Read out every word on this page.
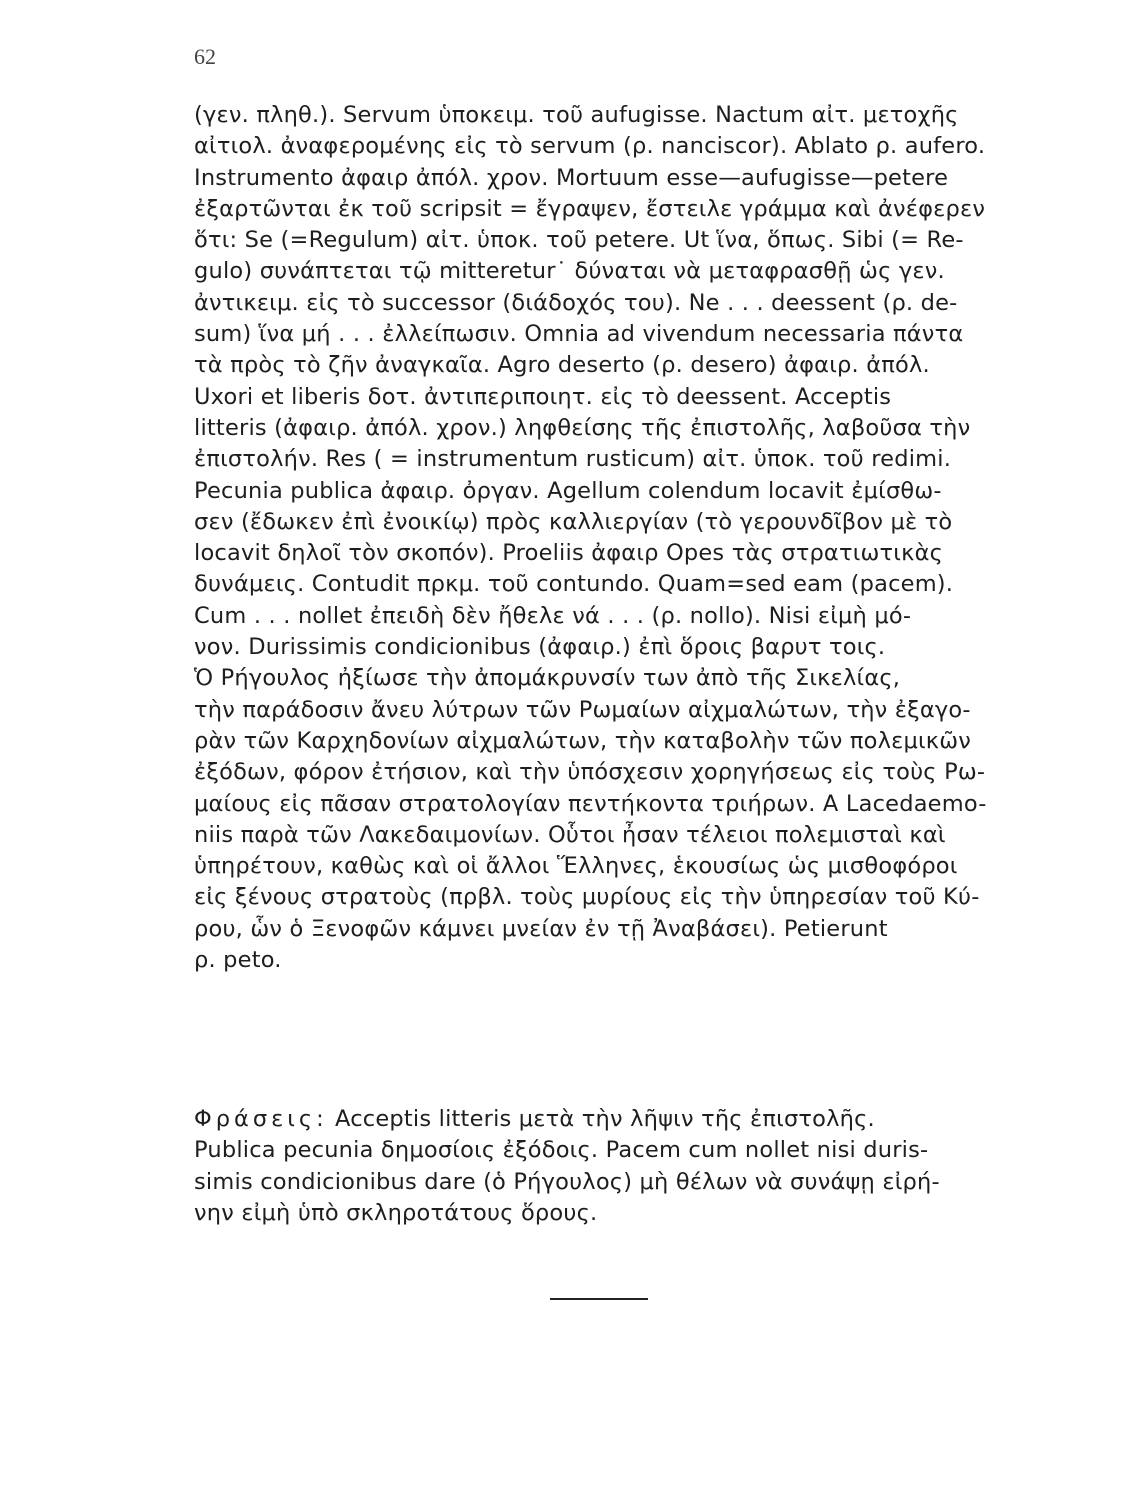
62
(γεν. πληθ.). Servum ὑποκειμ. τοῦ aufugisse. Nactum αἰτ. μετοχῆς
αἰτιολ. ἀναφερομένης εἰς τὸ servum (ρ. nanciscor). Ablato ρ. aufero.
Instrumento ἀφαιρ ἀπόλ. χρον. Mortuum esse—aufugisse—petere
ἐξαρτῶνται ἐκ τοῦ scripsit = ἔγραψεν, ἔστειλε γράμμα καὶ ἀνέφερεν
ὅτι: Se (=Regulum) αἰτ. ὑποκ. τοῦ petere. Ut ἵνα, ὅπως. Sibi (= Re-
gulo) συνάπτεται τῷ mitteretur˙ δύναται νὰ μεταφρασθῇ ὡς γεν.
ἀντικειμ. εἰς τὸ successor (διάδοχός του). Ne . . . deessent (ρ. de-
sum) ἵνα μή . . . ἐλλείπωσιν. Omnia ad vivendum necessaria πάντα
τὰ πρὸς τὸ ζῆν ἀναγκαῖα. Agro deserto (ρ. desero) ἀφαιρ. ἀπόλ.
Uxori et liberis δοτ. ἀντιπεριποιητ. εἰς τὸ deessent. Acceptis
litteris (ἀφαιρ. ἀπόλ. χρον.) ληφθείσης τῆς ἐπιστολῆς, λαβοῦσα τὴν
ἐπιστολήν. Res ( = instrumentum rusticum) αἰτ. ὑποκ. τοῦ redimi.
Pecunia publica ἀφαιρ. ὀργαν. Agellum colendum locavit ἐμίσθω-
σεν (ἔδωκεν ἐπὶ ἐνοικίῳ) πρὸς καλλιεργίαν (τὸ γερουνδῖβον μὲ τὸ
locavit δηλοῖ τὸν σκοπόν). Proeliis ἀφαιρ Opes τὰς στρατιωτικὰς
δυνάμεις. Contudit πρκμ. τοῦ contundo. Quam=sed eam (pacem).
Cum . . . nollet ἐπειδὴ δὲν ἤθελε νά . . . (ρ. nollo). Nisi εἰμὴ μό-
νον. Durissimis condicionibus (ἀφαιρ.) ἐπὶ ὅροις βαρυτ τοις.
Ὁ Ρήγουλος ἠξίωσε τὴν ἀπομάκρυνσίν των ἀπὸ τῆς Σικελίας,
τὴν παράδοσιν ἄνευ λύτρων τῶν Ρωμαίων αἰχμαλώτων, τὴν ἐξαγο-
ρὰν τῶν Καρχηδονίων αἰχμαλώτων, τὴν καταβολὴν τῶν πολεμικῶν
ἐξόδων, φόρον ἐτήσιον, καὶ τὴν ὑπόσχεσιν χορηγήσεως εἰς τοὺς Ρω-
μαίους εἰς πᾶσαν στρατολογίαν πεντήκοντα τριήρων. A Lacedaemo-
niis παρὰ τῶν Λακεδαιμονίων. Οὗτοι ἦσαν τέλειοι πολεμισταὶ καὶ
ὑπηρέτουν, καθὼς καὶ οἱ ἄλλοι Ἕλληνες, ἑκουσίως ὡς μισθοφόροι
εἰς ξένους στρατοὺς (πρβλ. τοὺς μυρίους εἰς τὴν ὑπηρεσίαν τοῦ Κύ-
ρου, ὧν ὁ Ξενοφῶν κάμνει μνείαν ἐν τῇ Ἀναβάσει). Petierunt
ρ. peto.
Φράσεις: Acceptis litteris μετὰ τὴν λῆψιν τῆς ἐπιστολῆς.
Publica pecunia δημοσίοις ἐξόδοις. Pacem cum nollet nisi duris-
simis condicionibus dare (ὁ Ρήγουλος) μὴ θέλων νὰ συνάψῃ εἰρή-
νην εἰμὴ ὑπὸ σκληροτάτους ὅρους.
